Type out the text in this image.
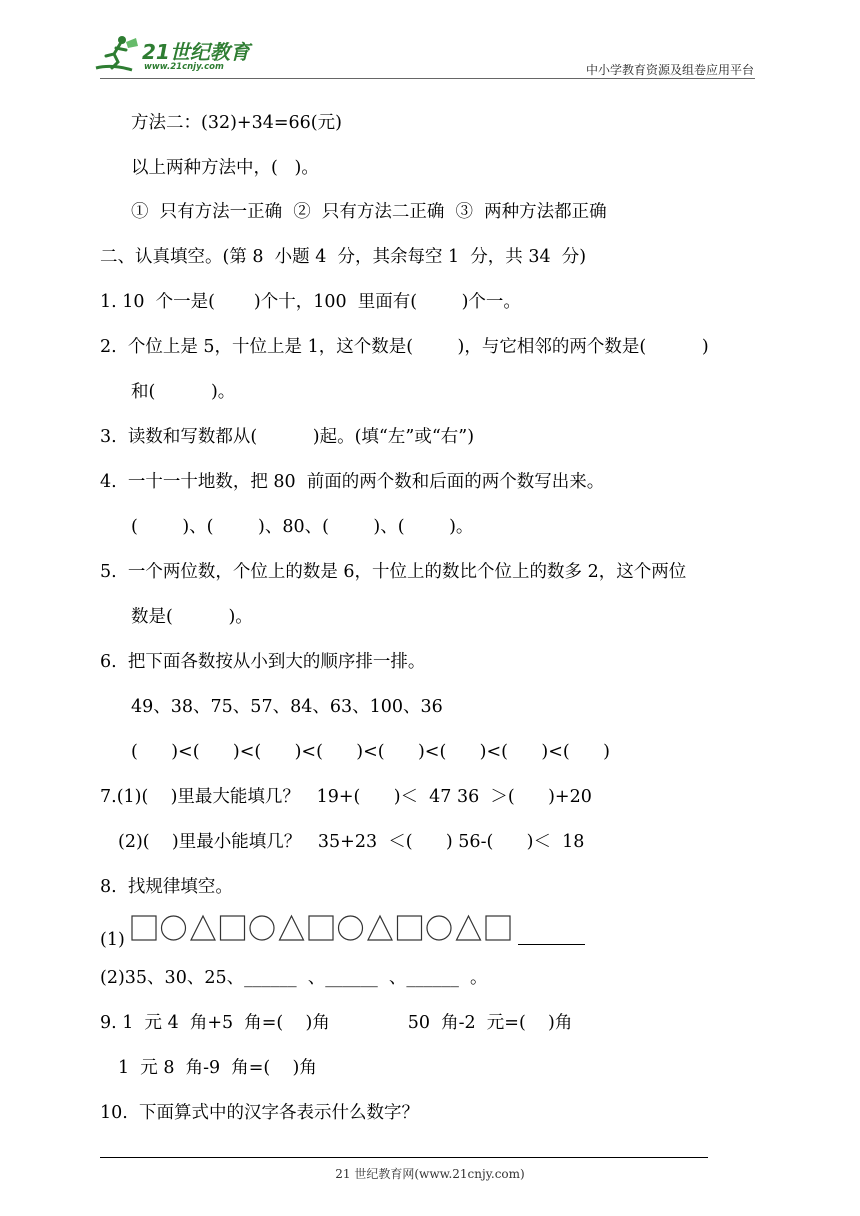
21世纪教育
www.21cnjy.com	中小学教育资源及组卷应用平台
方法二：(32)+34=66(元)
以上两种方法中，(   )。
①  只有方法一正确  ②  只有方法二正确  ③  两种方法都正确
二、认真填空。(第 8  小题 4  分，其余每空 1  分，共 34  分)
1. 10  个一是(       )个十，100  里面有(        )个一。
2.  个位上是 5，十位上是 1，这个数是(        )，与它相邻的两个数是(          )
和(          )。
3.  读数和写数都从(          )起。(填“左”或“右”)
4.  一十一十地数，把 80  前面的两个数和后面的两个数写出来。
(        )、(        )、80、(        )、(        )。
5.  一个两位数，个位上的数是 6，十位上的数比个位上的数多 2，这个两位
数是(          )。
6.  把下面各数按从小到大的顺序排一排。
49、38、75、57、84、63、100、36
(      )<(      )<(      )<(      )<(      )<(      )<(      )<(      )
7.(1)(    )里最大能填几？   19+(      )＜  47 36  ＞(      )+20
(2)(    )里最小能填几？   35+23  ＜(      ) 56-(      )＜  18
8.  找规律填空。
(1)
(2)35、30、25、______  、______  、______  。
9. 1  元 4  角+5  角=(    )角              50  角-2  元=(    )角
1  元 8  角-9  角=(    )角
10.  下面算式中的汉字各表示什么数字？
21 世纪教育网(www.21cnjy.com)
